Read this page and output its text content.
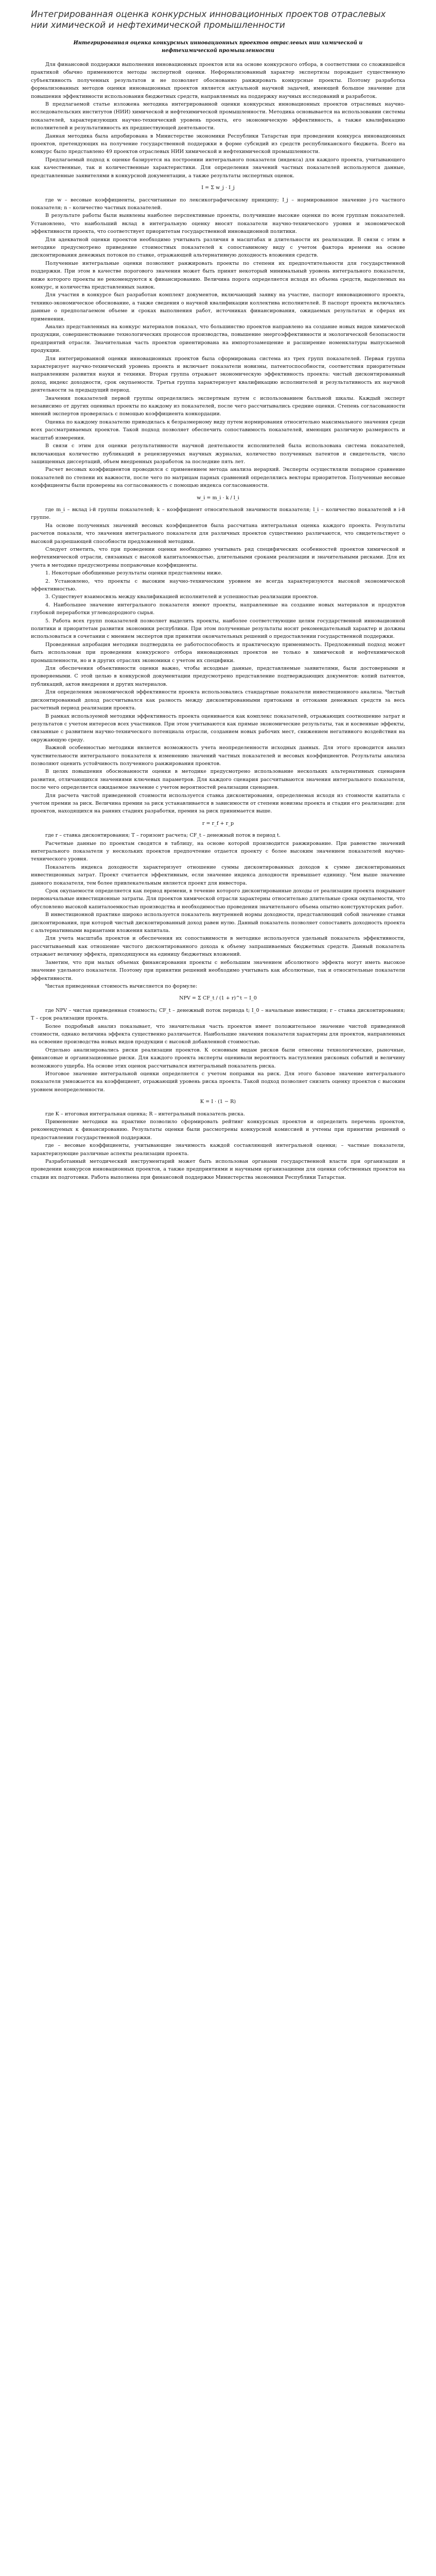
Интегрированная оценка конкурсных инновационных проектов отраслевых нии химической и нефтехимической промышленности
Интегрированная оценка конкурсных инновационных проектов отраслевых нии химической и нефтехимической промышленности

Для финансовой поддержки выполнения инновационных проектов или на основе конкурсного отбора, в соответствии со сложившейся практикой обычно применяются методы экспертной оценки. Неформализованный характер экспертизы порождает существенную субъективность полученных результатов и не позволяет обоснованно ранжировать конкурсные проекты. Поэтому разработка формализованных методов оценки инновационных проектов является актуальной научной задачей, имеющей большое значение для повышения эффективности использования бюджетных средств, направляемых на поддержку научных исследований и разработок.

В предлагаемой статье изложена методика интегрированной оценки конкурсных инновационных проектов отраслевых научно-исследовательских институтов (НИИ) химической и нефтехимической промышленности. Методика основывается на использовании системы показателей, характеризующих научно-технический уровень проекта, его экономическую эффективность, а также квалификацию исполнителей и результативность их предшествующей деятельности.

Данная методика была апробирована в Министерстве экономики Республики Татарстан при проведении конкурса инновационных проектов, претендующих на получение государственной поддержки в форме субсидий из средств республиканского бюджета. Всего на конкурс было представлено 49 проектов отраслевых НИИ химической и нефтехимической промышленности.

Предлагаемый подход к оценке базируется на построении интегрального показателя (индекса) для каждого проекта, учитывающего как качественные, так и количественные характеристики. Для определения значений частных показателей используются данные, представленные заявителями в конкурсной документации, а также результаты экспертных оценок.

I = Σ w_j · I_j

где w – весовые коэффициенты, рассчитанные по лексикографическому принципу; I_j – нормированное значение j-го частного показателя; n – количество частных показателей.

В результате работы были выявлены наиболее перспективные проекты, получившие высокие оценки по всем группам показателей. Установлено, что наибольший вклад в интегральную оценку вносят показатели научно-технического уровня и экономической эффективности проекта, что соответствует приоритетам государственной инновационной политики.

Для адекватной оценки проектов необходимо учитывать различия в масштабах и длительности их реализации. В связи с этим в методике предусмотрено приведение стоимостных показателей к сопоставимому виду с учетом фактора времени на основе дисконтирования денежных потоков по ставке, отражающей альтернативную доходность вложения средств.

Полученные интегральные оценки позволяют ранжировать проекты по степени их предпочтительности для государственной поддержки. При этом в качестве порогового значения может быть принят некоторый минимальный уровень интегрального показателя, ниже которого проекты не рекомендуются к финансированию. Величина порога определяется исходя из объема средств, выделяемых на конкурс, и количества представленных заявок.

Для участия в конкурсе был разработан комплект документов, включающий заявку на участие, паспорт инновационного проекта, технико-экономическое обоснование, а также сведения о научной квалификации коллектива исполнителей. В паспорт проекта включались данные о предполагаемом объеме и сроках выполнения работ, источниках финансирования, ожидаемых результатах и сферах их применения.

Анализ представленных на конкурс материалов показал, что большинство проектов направлено на создание новых видов химической продукции, совершенствование технологических процессов производства, повышение энергоэффективности и экологической безопасности предприятий отрасли. Значительная часть проектов ориентирована на импортозамещение и расширение номенклатуры выпускаемой продукции.

Для интегрированной оценки инновационных проектов была сформирована система из трех групп показателей. Первая группа характеризует научно-технический уровень проекта и включает показатели новизны, патентоспособности, соответствия приоритетным направлениям развития науки и техники. Вторая группа отражает экономическую эффективность проекта: чистый дисконтированный доход, индекс доходности, срок окупаемости. Третья группа характеризует квалификацию исполнителей и результативность их научной деятельности за предыдущий период.

Значения показателей первой группы определялись экспертным путем с использованием балльной шкалы. Каждый эксперт независимо от других оценивал проекты по каждому из показателей, после чего рассчитывались средние оценки. Степень согласованности мнений экспертов проверялась с помощью коэффициента конкордации.

Оценка по каждому показателю приводилась к безразмерному виду путем нормирования относительно максимального значения среди всех рассматриваемых проектов. Такой подход позволяет обеспечить сопоставимость показателей, имеющих различную размерность и масштаб измерения.

В связи с этим для оценки результативности научной деятельности исполнителей была использована система показателей, включающая количество публикаций в рецензируемых научных журналах, количество полученных патентов и свидетельств, число защищенных диссертаций, объем внедренных разработок за последние пять лет.

Расчет весовых коэффициентов проводился с применением метода анализа иерархий. Эксперты осуществляли попарное сравнение показателей по степени их важности, после чего по матрицам парных сравнений определялись векторы приоритетов. Полученные весовые коэффициенты были проверены на согласованность с помощью индекса согласованности.

w_i = m_i · k / l_i

где m_i – вклад i-й группы показателей; k – коэффициент относительной значимости показателя; l_i – количество показателей в i-й группе.

На основе полученных значений весовых коэффициентов была рассчитана интегральная оценка каждого проекта. Результаты расчетов показали, что значения интегрального показателя для различных проектов существенно различаются, что свидетельствует о высокой разрешающей способности предложенной методики.

Следует отметить, что при проведении оценки необходимо учитывать ряд специфических особенностей проектов химической и нефтехимической отрасли, связанных с высокой капиталоемкостью, длительными сроками реализации и значительными рисками. Для их учета в методике предусмотрены поправочные коэффициенты.

1. Некоторые обобщенные результаты оценки представлены ниже.

2. Установлено, что проекты с высоким научно-техническим уровнем не всегда характеризуются высокой экономической эффективностью.

3. Существует взаимосвязь между квалификацией исполнителей и успешностью реализации проектов.

4. Наибольшее значение интегрального показателя имеют проекты, направленные на создание новых материалов и продуктов глубокой переработки углеводородного сырья.

5. Работа всех групп показателей позволяет выделить проекты, наиболее соответствующие целям государственной инновационной политики и приоритетам развития экономики республики. При этом полученные результаты носят рекомендательный характер и должны использоваться в сочетании с мнением экспертов при принятии окончательных решений о предоставлении государственной поддержки.

Проведенная апробация методики подтвердила ее работоспособность и практическую применимость. Предложенный подход может быть использован при проведении конкурсного отбора инновационных проектов не только в химической и нефтехимической промышленности, но и в других отраслях экономики с учетом их специфики.

Для обеспечения объективности оценки важно, чтобы исходные данные, представляемые заявителями, были достоверными и проверяемыми. С этой целью в конкурсной документации предусмотрено представление подтверждающих документов: копий патентов, публикаций, актов внедрения и других материалов.

Для определения экономической эффективности проекта использовались стандартные показатели инвестиционного анализа. Чистый дисконтированный доход рассчитывался как разность между дисконтированными притоками и оттоками денежных средств за весь расчетный период реализации проекта.

В рамках используемой методики эффективность проекта оценивается как комплекс показателей, отражающих соотношение затрат и результатов с учетом интересов всех участников. При этом учитываются как прямые экономические результаты, так и косвенные эффекты, связанные с развитием научно-технического потенциала отрасли, созданием новых рабочих мест, снижением негативного воздействия на окружающую среду.

Важной особенностью методики является возможность учета неопределенности исходных данных. Для этого проводится анализ чувствительности интегрального показателя к изменению значений частных показателей и весовых коэффициентов. Результаты анализа позволяют оценить устойчивость полученного ранжирования проектов.

В целях повышения обоснованности оценки в методике предусмотрено использование нескольких альтернативных сценариев развития, отличающихся значениями ключевых параметров. Для каждого сценария рассчитываются значения интегрального показателя, после чего определяется ожидаемое значение с учетом вероятностей реализации сценариев.

Для расчета чистой приведенной стоимости используется ставка дисконтирования, определяемая исходя из стоимости капитала с учетом премии за риск. Величина премии за риск устанавливается в зависимости от степени новизны проекта и стадии его реализации: для проектов, находящихся на ранних стадиях разработки, премия за риск принимается выше.

r = r_f + r_p

где r – ставка дисконтирования; T – горизонт расчета; CF_t – денежный поток в период t.

Расчетные данные по проектам сводятся в таблицу, на основе которой производится ранжирование. При равенстве значений интегрального показателя у нескольких проектов предпочтение отдается проекту с более высоким значением показателей научно-технического уровня.

Показатель индекса доходности характеризует отношение суммы дисконтированных доходов к сумме дисконтированных инвестиционных затрат. Проект считается эффективным, если значение индекса доходности превышает единицу. Чем выше значение данного показателя, тем более привлекательным является проект для инвестора.

Срок окупаемости определяется как период времени, в течение которого дисконтированные доходы от реализации проекта покрывают первоначальные инвестиционные затраты. Для проектов химической отрасли характерны относительно длительные сроки окупаемости, что обусловлено высокой капиталоемкостью производства и необходимостью проведения значительного объема опытно-конструкторских работ.

В инвестиционной практике широко используется показатель внутренней нормы доходности, представляющий собой значение ставки дисконтирования, при которой чистый дисконтированный доход равен нулю. Данный показатель позволяет сопоставить доходность проекта с альтернативными вариантами вложения капитала.

Для учета масштаба проектов и обеспечения их сопоставимости в методике используется удельный показатель эффективности, рассчитываемый как отношение чистого дисконтированного дохода к объему запрашиваемых бюджетных средств. Данный показатель отражает величину эффекта, приходящуюся на единицу бюджетных вложений.

Заметим, что при малых объемах финансирования проекты с небольшим значением абсолютного эффекта могут иметь высокое значение удельного показателя. Поэтому при принятии решений необходимо учитывать как абсолютные, так и относительные показатели эффективности.

Чистая приведенная стоимость вычисляется по формуле:

NPV = Σ CF_t / (1 + r)^t − I_0

где NPV – чистая приведенная стоимость; CF_t – денежный поток периода t; I_0 – начальные инвестиции; r – ставка дисконтирования; T – срок реализации проекта.

Более подробный анализ показывает, что значительная часть проектов имеет положительное значение чистой приведенной стоимости, однако величина эффекта существенно различается. Наибольшие значения показателя характерны для проектов, направленных на освоение производства новых видов продукции с высокой добавленной стоимостью.

Отдельно анализировались риски реализации проектов. К основным видам рисков были отнесены технологические, рыночные, финансовые и организационные риски. Для каждого проекта эксперты оценивали вероятность наступления рисковых событий и величину возможного ущерба. На основе этих оценок рассчитывался интегральный показатель риска.

Итоговое значение интегральной оценки определяется с учетом поправки на риск. Для этого базовое значение интегрального показателя умножается на коэффициент, отражающий уровень риска проекта. Такой подход позволяет снизить оценку проектов с высоким уровнем неопределенности.

K = I · (1 − R)

где K – итоговая интегральная оценка; R – интегральный показатель риска.

Применение методики на практике позволило сформировать рейтинг конкурсных проектов и определить перечень проектов, рекомендуемых к финансированию. Результаты оценки были рассмотрены конкурсной комиссией и учтены при принятии решений о предоставлении государственной поддержки.

где – весовые коэффициенты, учитывающие значимость каждой составляющей интегральной оценки; – частные показатели, характеризующие различные аспекты реализации проекта.

Разработанный методический инструментарий может быть использован органами государственной власти при организации и проведении конкурсов инновационных проектов, а также предприятиями и научными организациями для оценки собственных проектов на стадии их подготовки. Работа выполнена при финансовой поддержке Министерства экономики Республики Татарстан.
